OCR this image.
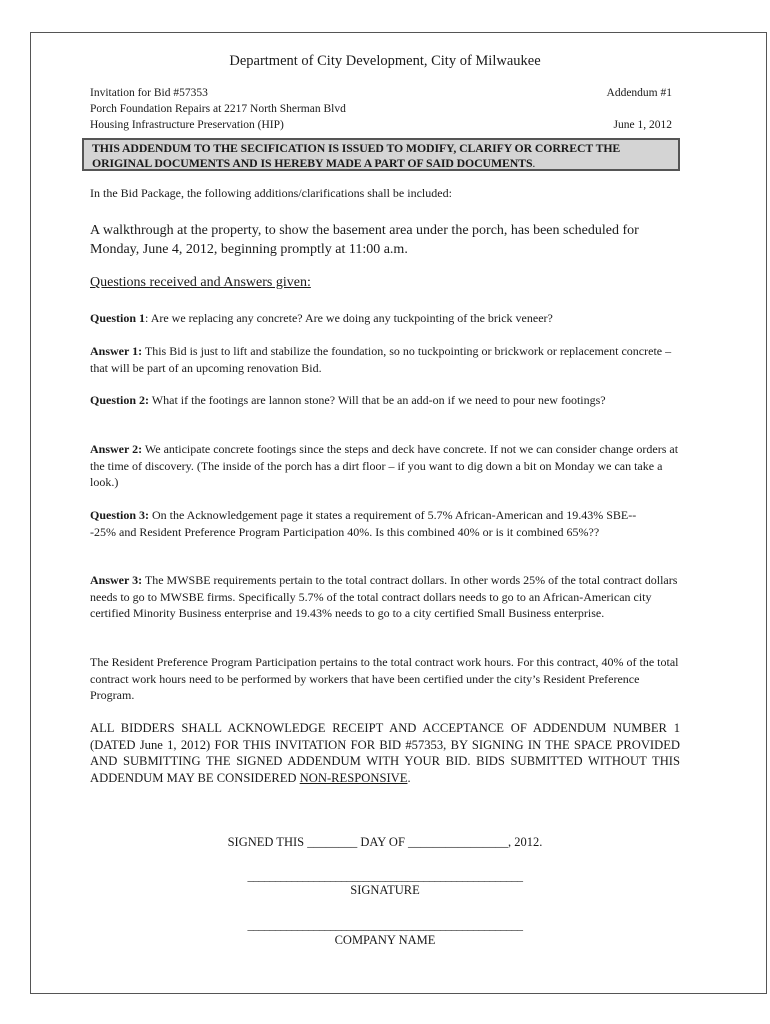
Department of City Development, City of Milwaukee
Invitation for Bid #57353
Porch Foundation Repairs at 2217 North Sherman Blvd
Housing Infrastructure Preservation (HIP)
Addendum #1
June 1, 2012
THIS ADDENDUM TO THE SECIFICATION IS ISSUED TO MODIFY, CLARIFY OR CORRECT THE
ORIGINAL DOCUMENTS AND IS HEREBY MADE A PART OF SAID DOCUMENTS.
In the Bid Package, the following additions/clarifications shall be included:
A walkthrough at the property, to show the basement area under the porch, has been scheduled for Monday, June 4, 2012, beginning promptly at 11:00 a.m.
Questions received and Answers given:
Question 1: Are we replacing any concrete? Are we doing any tuckpointing of the brick veneer?
Answer 1: This Bid is just to lift and stabilize the foundation, so no tuckpointing or brickwork or replacement concrete – that will be part of an upcoming renovation Bid.
Question 2: What if the footings are lannon stone? Will that be an add-on if we need to pour new footings?
Answer 2: We anticipate concrete footings since the steps and deck have concrete. If not we can consider change orders at the time of discovery. (The inside of the porch has a dirt floor – if you want to dig down a bit on Monday we can take a look.)
Question 3: On the Acknowledgement page it states a requirement of 5.7% African-American and 19.43% SBE---25% and Resident Preference Program Participation 40%. Is this combined 40% or is it combined 65%??
Answer 3: The MWSBE requirements pertain to the total contract dollars. In other words 25% of the total contract dollars needs to go to MWSBE firms. Specifically 5.7% of the total contract dollars needs to go to an African-American city certified Minority Business enterprise and 19.43% needs to go to a city certified Small Business enterprise.
The Resident Preference Program Participation pertains to the total contract work hours. For this contract, 40% of the total contract work hours need to be performed by workers that have been certified under the city’s Resident Preference Program.
ALL BIDDERS SHALL ACKNOWLEDGE RECEIPT AND ACCEPTANCE OF ADDENDUM NUMBER 1 (DATED June 1, 2012) FOR THIS INVITATION FOR BID #57353, BY SIGNING IN THE SPACE PROVIDED AND SUBMITTING THE SIGNED ADDENDUM WITH YOUR BID. BIDS SUBMITTED WITHOUT THIS ADDENDUM MAY BE CONSIDERED NON-RESPONSIVE.
SIGNED THIS ________ DAY OF ________________, 2012.
__________________________________________________
SIGNATURE
__________________________________________________
COMPANY NAME
